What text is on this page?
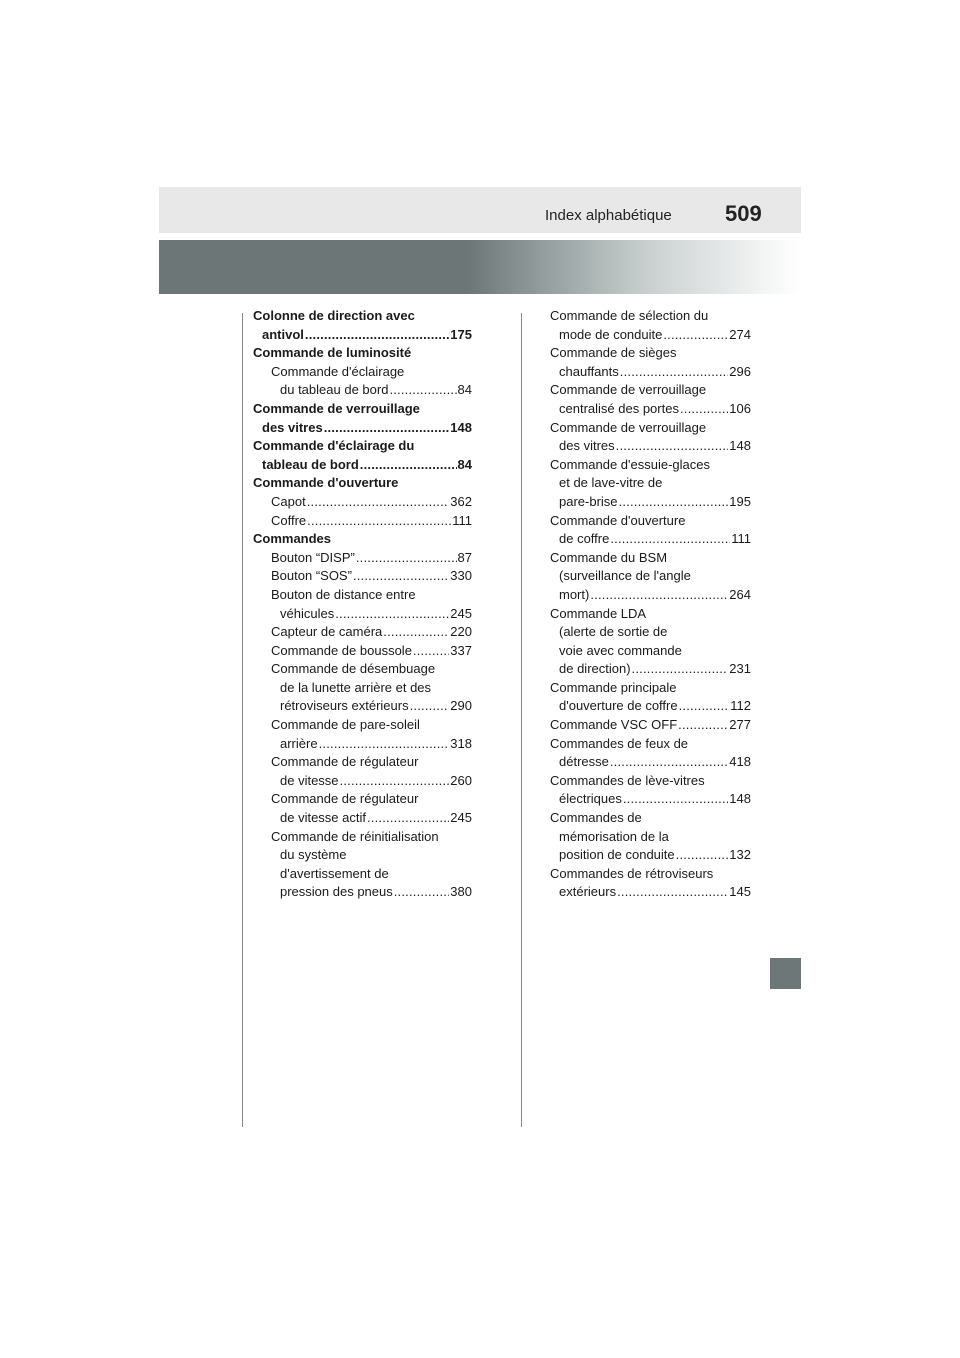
Index alphabétique 509
Colonne de direction avec
antivol .....	175
Commande de luminosité
Commande d'éclairage
du tableau de bord .....	84
Commande de verrouillage
des vitres .....	148
Commande d'éclairage du
tableau de bord .....	84
Commande d'ouverture
Capot .....	362
Coffre .....	111
Commandes
Bouton “DISP” .....	87
Bouton “SOS” .....	330
Bouton de distance entre
véhicules .....	245
Capteur de caméra .....	220
Commande de boussole .....	337
Commande de désembuage
de la lunette arrière et des
rétroviseurs extérieurs .....	290
Commande de pare-soleil
arrière .....	318
Commande de régulateur
de vitesse .....	260
Commande de régulateur
de vitesse actif .....	245
Commande de réinitialisation
du système
d'avertissement de
pression des pneus .....	380
Commande de sélection du
mode de conduite .....	274
Commande de sièges
chauffants .....	296
Commande de verrouillage
centralisé des portes .....	106
Commande de verrouillage
des vitres .....	148
Commande d'essuie-glaces
et de lave-vitre de
pare-brise .....	195
Commande d'ouverture
de coffre .....	111
Commande du BSM
(surveillance de l'angle
mort) .....	264
Commande LDA
(alerte de sortie de
voie avec commande
de direction) .....	231
Commande principale
d'ouverture de coffre .....	112
Commande VSC OFF .....	277
Commandes de feux de
détresse .....	418
Commandes de lève-vitres
électriques .....	148
Commandes de
mémorisation de la
position de conduite .....	132
Commandes de rétroviseurs
extérieurs .....	145
